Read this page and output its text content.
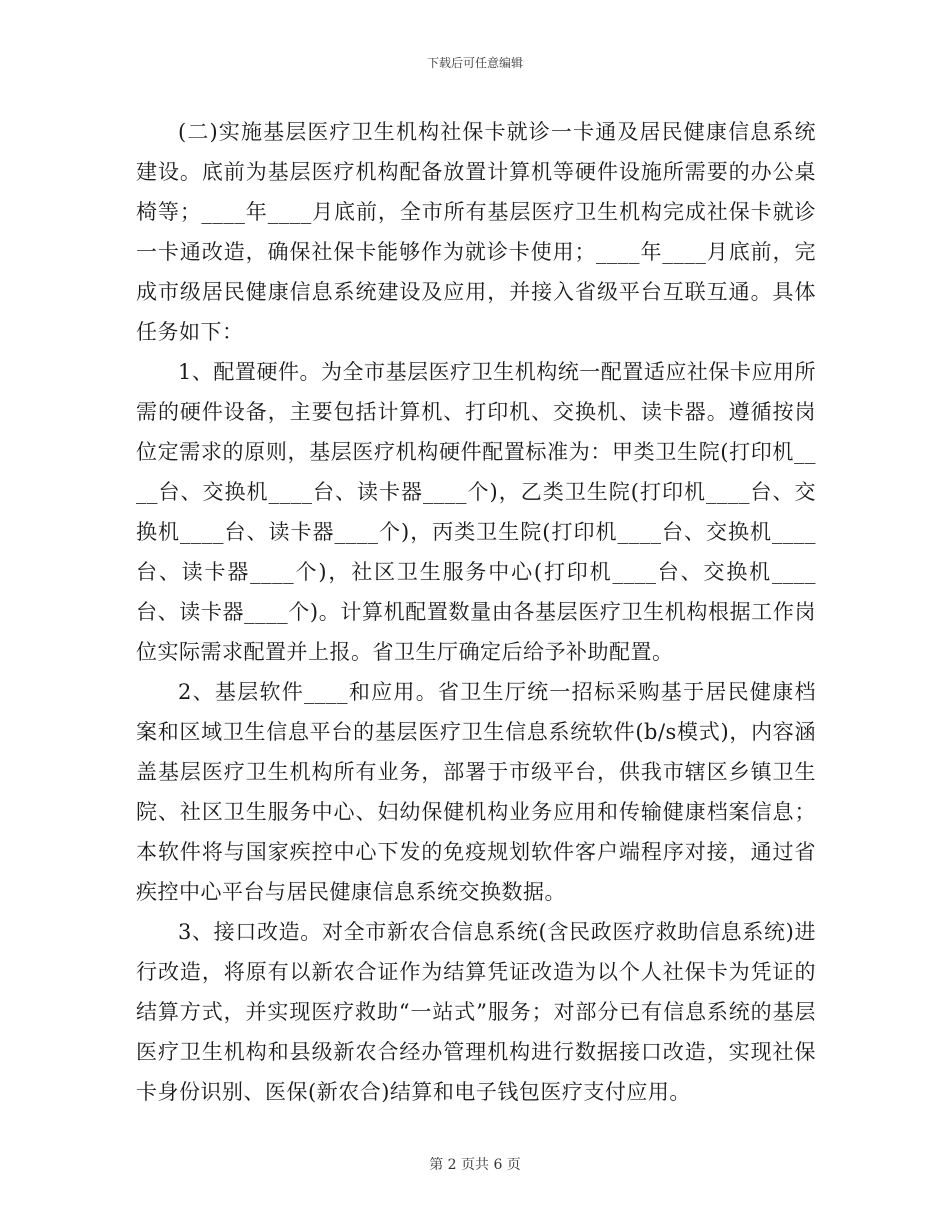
下载后可任意编辑

(二)实施基层医疗卫生机构社保卡就诊一卡通及居民健康信息系统建设。底前为基层医疗机构配备放置计算机等硬件设施所需要的办公桌椅等；____年____月底前，全市所有基层医疗卫生机构完成社保卡就诊一卡通改造，确保社保卡能够作为就诊卡使用；____年____月底前，完成市级居民健康信息系统建设及应用，并接入省级平台互联互通。具体任务如下：

1、配置硬件。为全市基层医疗卫生机构统一配置适应社保卡应用所需的硬件设备，主要包括计算机、打印机、交换机、读卡器。遵循按岗位定需求的原则，基层医疗机构硬件配置标准为：甲类卫生院(打印机____台、交换机____台、读卡器____个)，乙类卫生院(打印机____台、交换机____台、读卡器____个)，丙类卫生院(打印机____台、交换机____台、读卡器____个)，社区卫生服务中心(打印机____台、交换机____台、读卡器____个)。计算机配置数量由各基层医疗卫生机构根据工作岗位实际需求配置并上报。省卫生厅确定后给予补助配置。

2、基层软件____和应用。省卫生厅统一招标采购基于居民健康档案和区域卫生信息平台的基层医疗卫生信息系统软件(b/s模式)，内容涵盖基层医疗卫生机构所有业务，部署于市级平台，供我市辖区乡镇卫生院、社区卫生服务中心、妇幼保健机构业务应用和传输健康档案信息；本软件将与国家疾控中心下发的免疫规划软件客户端程序对接，通过省疾控中心平台与居民健康信息系统交换数据。

3、接口改造。对全市新农合信息系统(含民政医疗救助信息系统)进行改造，将原有以新农合证作为结算凭证改造为以个人社保卡为凭证的结算方式，并实现医疗救助“一站式”服务；对部分已有信息系统的基层医疗卫生机构和县级新农合经办管理机构进行数据接口改造，实现社保卡身份识别、医保(新农合)结算和电子钱包医疗支付应用。

第 2 页共 6 页
